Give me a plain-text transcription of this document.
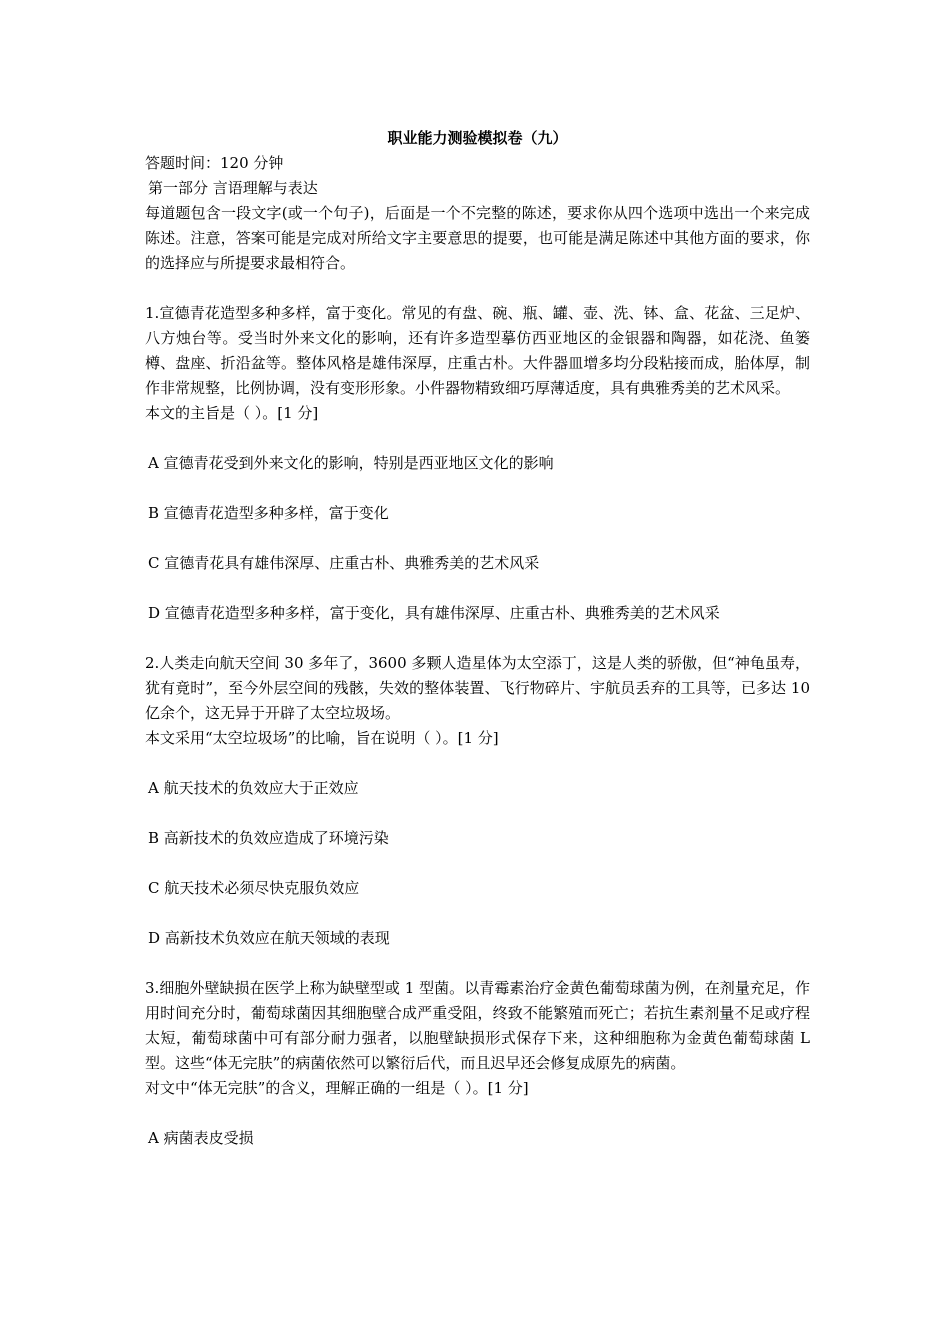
职业能力测验模拟卷（九）

答题时间：120 分钟

第一部分 言语理解与表达

每道题包含一段文字(或一个句子)，后面是一个不完整的陈述，要求你从四个选项中选出一个来完成陈述。注意，答案可能是完成对所给文字主要意思的提要，也可能是满足陈述中其他方面的要求，你的选择应与所提要求最相符合。

1.宣德青花造型多种多样，富于变化。常见的有盘、碗、瓶、罐、壶、洗、钵、盒、花盆、三足炉、八方烛台等。受当时外来文化的影响，还有许多造型摹仿西亚地区的金银器和陶器，如花浇、鱼篓樽、盘座、折沿盆等。整体风格是雄伟深厚，庄重古朴。大件器皿增多均分段粘接而成，胎体厚，制作非常规整，比例协调，没有变形形象。小件器物精致细巧厚薄适度，具有典雅秀美的艺术风采。

本文的主旨是（ ）。[1 分]

A 宣德青花受到外来文化的影响，特别是西亚地区文化的影响

B 宣德青花造型多种多样，富于变化

C 宣德青花具有雄伟深厚、庄重古朴、典雅秀美的艺术风采

D 宣德青花造型多种多样，富于变化，具有雄伟深厚、庄重古朴、典雅秀美的艺术风采

2.人类走向航天空间 30 多年了，3600 多颗人造星体为太空添丁，这是人类的骄傲，但“神龟虽寿，犹有竟时”，至今外层空间的残骸，失效的整体装置、飞行物碎片、宇航员丢弃的工具等，已多达 10 亿余个，这无异于开辟了太空垃圾场。

本文采用“太空垃圾场”的比喻，旨在说明（ ）。[1 分]

A 航天技术的负效应大于正效应

B 高新技术的负效应造成了环境污染

C 航天技术必须尽快克服负效应

D 高新技术负效应在航天领域的表现

3.细胞外壁缺损在医学上称为缺壁型或 1 型菌。以青霉素治疗金黄色葡萄球菌为例，在剂量充足，作用时间充分时，葡萄球菌因其细胞壁合成严重受阻，终致不能繁殖而死亡；若抗生素剂量不足或疗程太短，葡萄球菌中可有部分耐力强者，以胞壁缺损形式保存下来，这种细胞称为金黄色葡萄球菌 L 型。这些“体无完肤”的病菌依然可以繁衍后代，而且迟早还会修复成原先的病菌。

对文中“体无完肤”的含义，理解正确的一组是（ ）。[1 分]

A 病菌表皮受损
